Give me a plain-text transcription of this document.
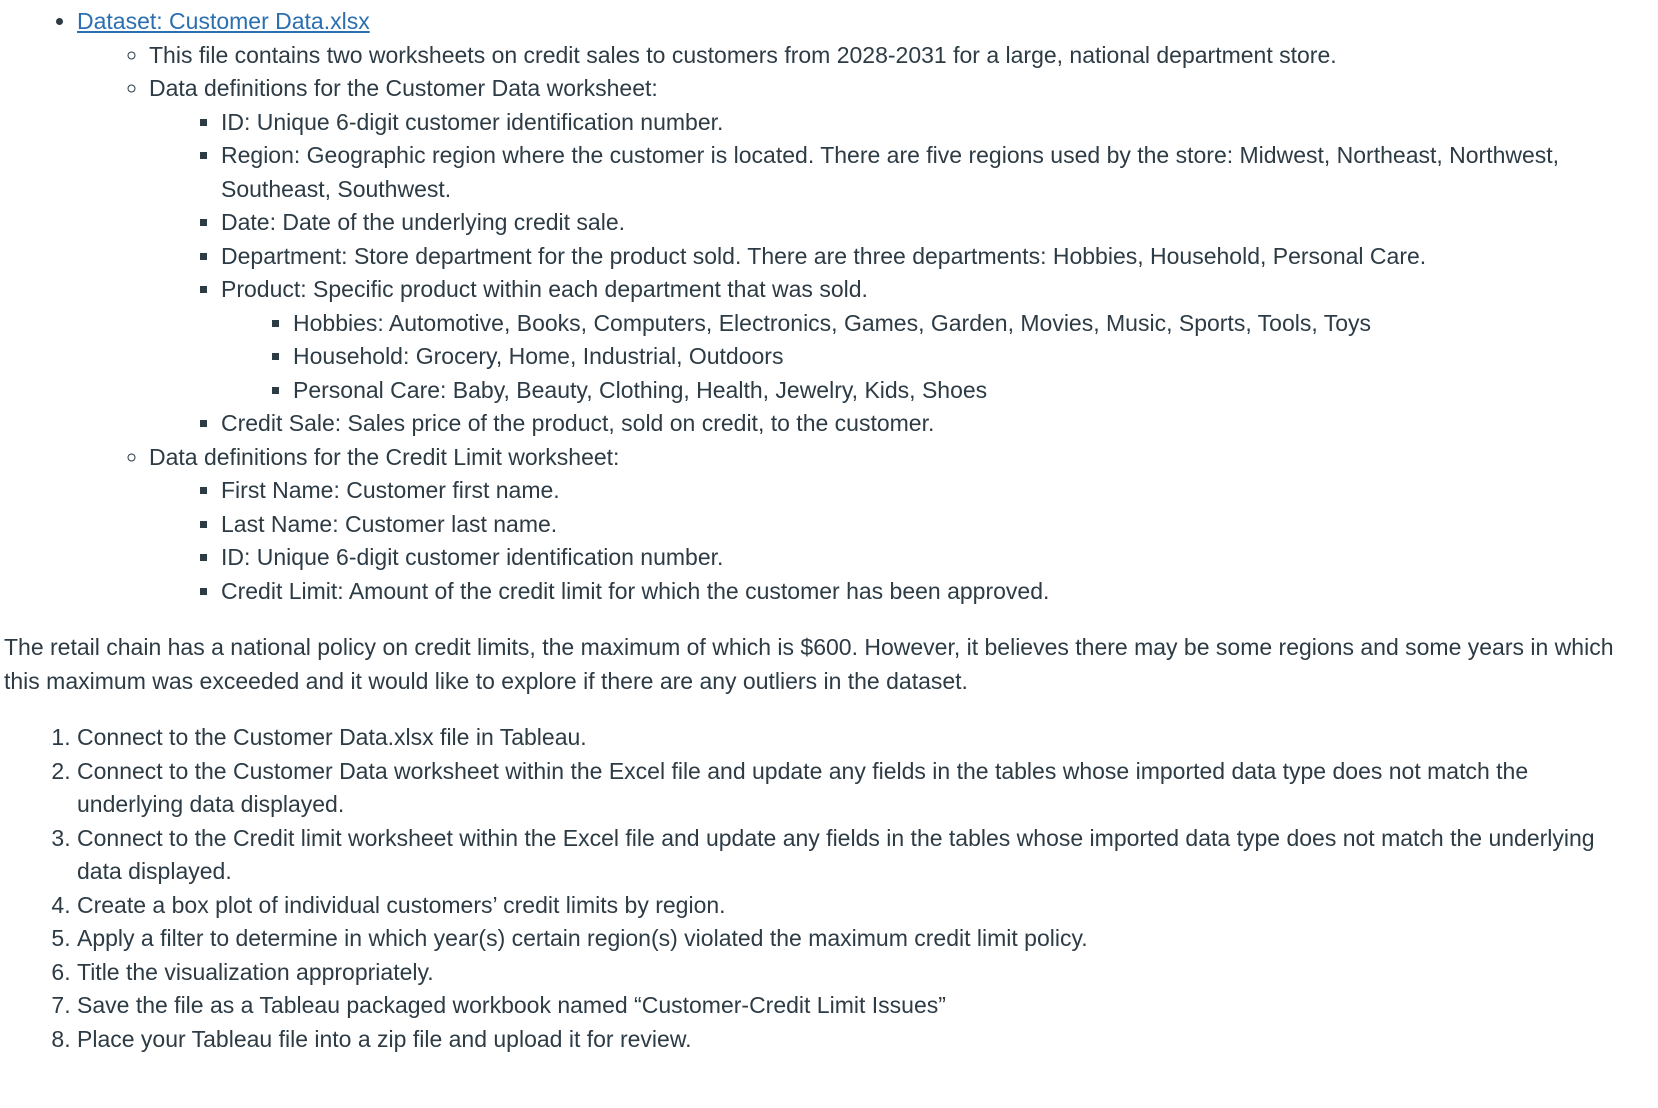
• Dataset: Customer Data.xlsx
◦ This file contains two worksheets on credit sales to customers from 2028-2031 for a large, national department store.
◦ Data definitions for the Customer Data worksheet:
▪ ID: Unique 6-digit customer identification number.
▪ Region: Geographic region where the customer is located. There are five regions used by the store: Midwest, Northeast, Northwest, Southeast, Southwest.
▪ Date: Date of the underlying credit sale.
▪ Department: Store department for the product sold. There are three departments: Hobbies, Household, Personal Care.
▪ Product: Specific product within each department that was sold.
▪ Hobbies: Automotive, Books, Computers, Electronics, Games, Garden, Movies, Music, Sports, Tools, Toys
▪ Household: Grocery, Home, Industrial, Outdoors
▪ Personal Care: Baby, Beauty, Clothing, Health, Jewelry, Kids, Shoes
▪ Credit Sale: Sales price of the product, sold on credit, to the customer.
◦ Data definitions for the Credit Limit worksheet:
▪ First Name: Customer first name.
▪ Last Name: Customer last name.
▪ ID: Unique 6-digit customer identification number.
▪ Credit Limit: Amount of the credit limit for which the customer has been approved.

The retail chain has a national policy on credit limits, the maximum of which is $600. However, it believes there may be some regions and some years in which this maximum was exceeded and it would like to explore if there are any outliers in the dataset.

1. Connect to the Customer Data.xlsx file in Tableau.
2. Connect to the Customer Data worksheet within the Excel file and update any fields in the tables whose imported data type does not match the underlying data displayed.
3. Connect to the Credit limit worksheet within the Excel file and update any fields in the tables whose imported data type does not match the underlying data displayed.
4. Create a box plot of individual customers’ credit limits by region.
5. Apply a filter to determine in which year(s) certain region(s) violated the maximum credit limit policy.
6. Title the visualization appropriately.
7. Save the file as a Tableau packaged workbook named “Customer-Credit Limit Issues”
8. Place your Tableau file into a zip file and upload it for review.
